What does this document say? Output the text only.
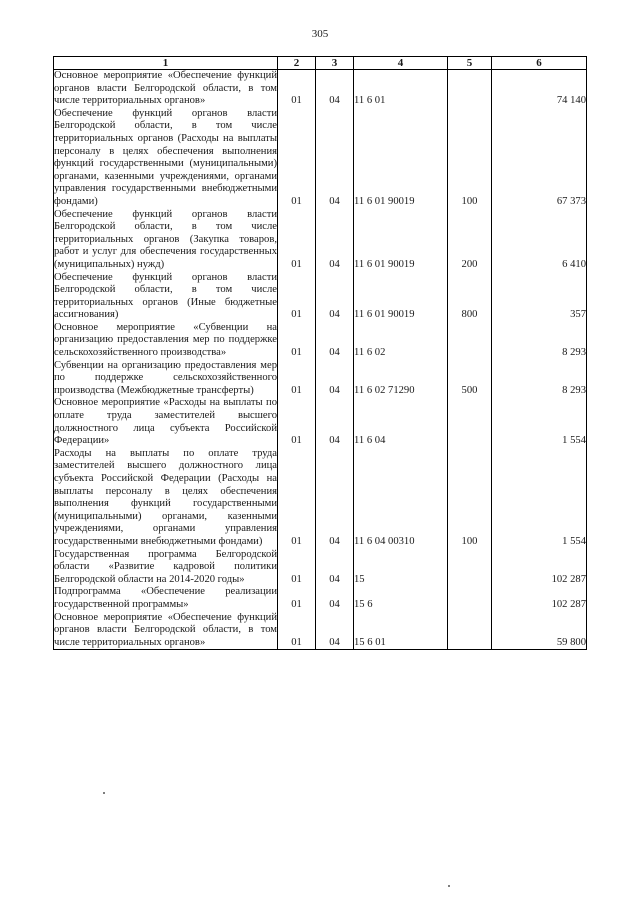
305
1	2	3	4	5	6
Основное мероприятие «Обеспечение функций органов власти Белгородской области, в том числе территориальных органов»	01	04	11 6 01		74 140
Обеспечение функций органов власти Белгородской области, в том числе территориальных органов (Расходы на выплаты персоналу в целях обеспечения выполнения функций государственными (муниципальными) органами, казенными учреждениями, органами управления государственными внебюджетными фондами)	01	04	11 6 01 90019	100	67 373
Обеспечение функций органов власти Белгородской области, в том числе территориальных органов (Закупка товаров, работ и услуг для обеспечения государственных (муниципальных) нужд)	01	04	11 6 01 90019	200	6 410
Обеспечение функций органов власти Белгородской области, в том числе территориальных органов (Иные бюджетные ассигнования)	01	04	11 6 01 90019	800	357
Основное мероприятие «Субвенции на организацию предоставления мер по поддержке сельскохозяйственного производства»	01	04	11 6 02		8 293
Субвенции на организацию предоставления мер по поддержке сельскохозяйственного производства (Межбюджетные трансферты)	01	04	11 6 02 71290	500	8 293
Основное мероприятие «Расходы на выплаты по оплате труда заместителей высшего должностного лица субъекта Российской Федерации»	01	04	11 6 04		1 554
Расходы на выплаты по оплате труда заместителей высшего должностного лица субъекта Российской Федерации (Расходы на выплаты персоналу в целях обеспечения выполнения функций государственными (муниципальными) органами, казенными учреждениями, органами управления государственными внебюджетными фондами)	01	04	11 6 04 00310	100	1 554
Государственная программа Белгородской области «Развитие кадровой политики Белгородской области на 2014-2020 годы»	01	04	15		102 287
Подпрограмма «Обеспечение реализации государственной программы»	01	04	15 6		102 287
Основное мероприятие «Обеспечение функций органов власти Белгородской области, в том числе территориальных органов»	01	04	15 6 01		59 800
